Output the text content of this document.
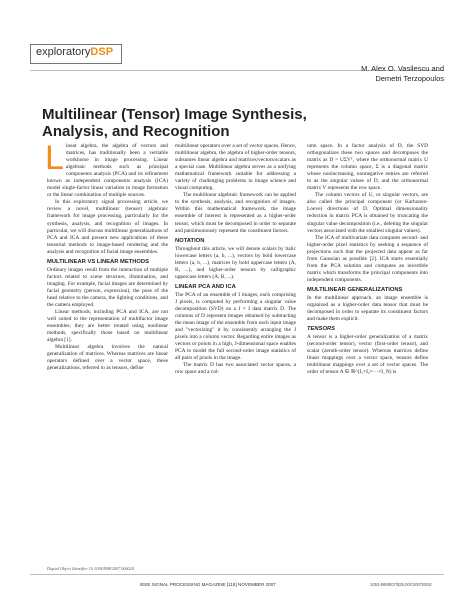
exploratoryDSP
M. Alex O. Vasilescu and
Demetri Terzopoulos
Multilinear (Tensor) Image Synthesis,
Analysis, and Recognition

Linear algebra, the algebra of vectors and matrices, has traditionally been a veritable workhorse in image processing. Linear algebraic methods such as principal components analysis (PCA) and its refinement known as independent components analysis (ICA) model single-factor linear variation in image formation or the linear combination of multiple sources.

In this exploratory signal processing article, we review a novel, multilinear (tensor) algebraic framework for image processing, particularly for the synthesis, analysis, and recognition of images. In particular, we will discuss multilinear generalizations of PCA and ICA and present new applications of these tensorial methods to image-based rendering and the analysis and recognition of facial image ensembles.

MULTILINEAR VS LINEAR METHODS

Ordinary images result from the interaction of multiple factors related to scene structure, illumination, and imaging. For example, facial images are determined by facial geometry (person, expression), the pose of the head relative to the camera, the lighting conditions, and the camera employed.

Linear methods, including PCA and ICA, are not well suited to the representation of multifactor image ensembles; they are better treated using nonlinear methods, specifically those based on multilinear algebra [1].

Multilinear algebra involves the natural generalization of matrices. Whereas matrices are linear operators defined over a vector space, these generalizations, referred to as tensors, define

multilinear operators over a set of vector spaces. Hence, multilinear algebra, the algebra of higher-order tensors, subsumes linear algebra and matrices/vectors/scalars as a special case. Multilinear algebra serves as a unifying mathematical framework suitable for addressing a variety of challenging problems in image science and visual computing.

The multilinear algebraic framework can be applied to the synthesis, analysis, and recognition of images. Within this mathematical framework, the image ensemble of interest is represented as a higher-order tensor, which must be decomposed in order to separate and parsimoniously represent the constituent factors.

NOTATION

Throughout this article, we will denote scalars by italic lowercase letters (a, b, ...), vectors by bold lowercase letters (a, b, ...), matrices by bold uppercase letters (A, B, ...), and higher-order tensors by calligraphic uppercase letters (A, B, ...).

LINEAR PCA AND ICA

The PCA of an ensemble of I images, each comprising J pixels, is computed by performing a singular value decomposition (SVD) on a J × I data matrix D. The columns of D represent images obtained by subtracting the mean image of the ensemble from each input image and "vectorizing" it by consistently arranging the J pixels into a column vector. Regarding entire images as vectors or points in a high, J-dimensional space enables PCA to model the full second-order image statistics of all pairs of pixels in the image.

The matrix D has two associated vector spaces, a row space and a col-

umn space. In a factor analysis of D, the SVD orthogonalizes these two spaces and decomposes the matrix as D = UΣVᵀ, where the orthonormal matrix U represents the column space, Σ is a diagonal matrix whose nonincreasing, nonnegative entries are referred to as the singular values of D, and the orthonormal matrix V represents the row space.

The column vectors of U, or singular vectors, are also called the principal component (or Karhunen-Loeve) directions of D. Optimal dimensionality reduction in matrix PCA is obtained by truncating the singular value decomposition (i.e., deleting the singular vectors associated with the smallest singular values).

The ICA of multivariate data computes second- and higher-order pixel statistics by seeking a sequence of projections such that the projected data appear as far from Gaussian as possible [2]. ICA starts essentially from the PCA solution and computes an invertible matrix which transforms the principal components into independent components.

MULTILINEAR GENERALIZATIONS

In the multilinear approach, an image ensemble is organized as a higher-order data tensor that must be decomposed in order to separate its constituent factors and make them explicit.

TENSORS

A tensor is a higher-order generalization of a matrix (second-order tensor), vector (first-order tensor), and scalar (zeroth-order tensor). Whereas matrices define linear mappings over a vector space, tensors define multilinear mappings over a set of vector spaces. The order of tensor A ∈ ℝ^(I₁×I₂×···×I_N) is

Digital Object Identifier 10.1109/MSP.2007.906024
IEEE SIGNAL PROCESSING MAGAZINE [118] NOVEMBER 2007	1053-5888/07/$25.00©2007IEEE
